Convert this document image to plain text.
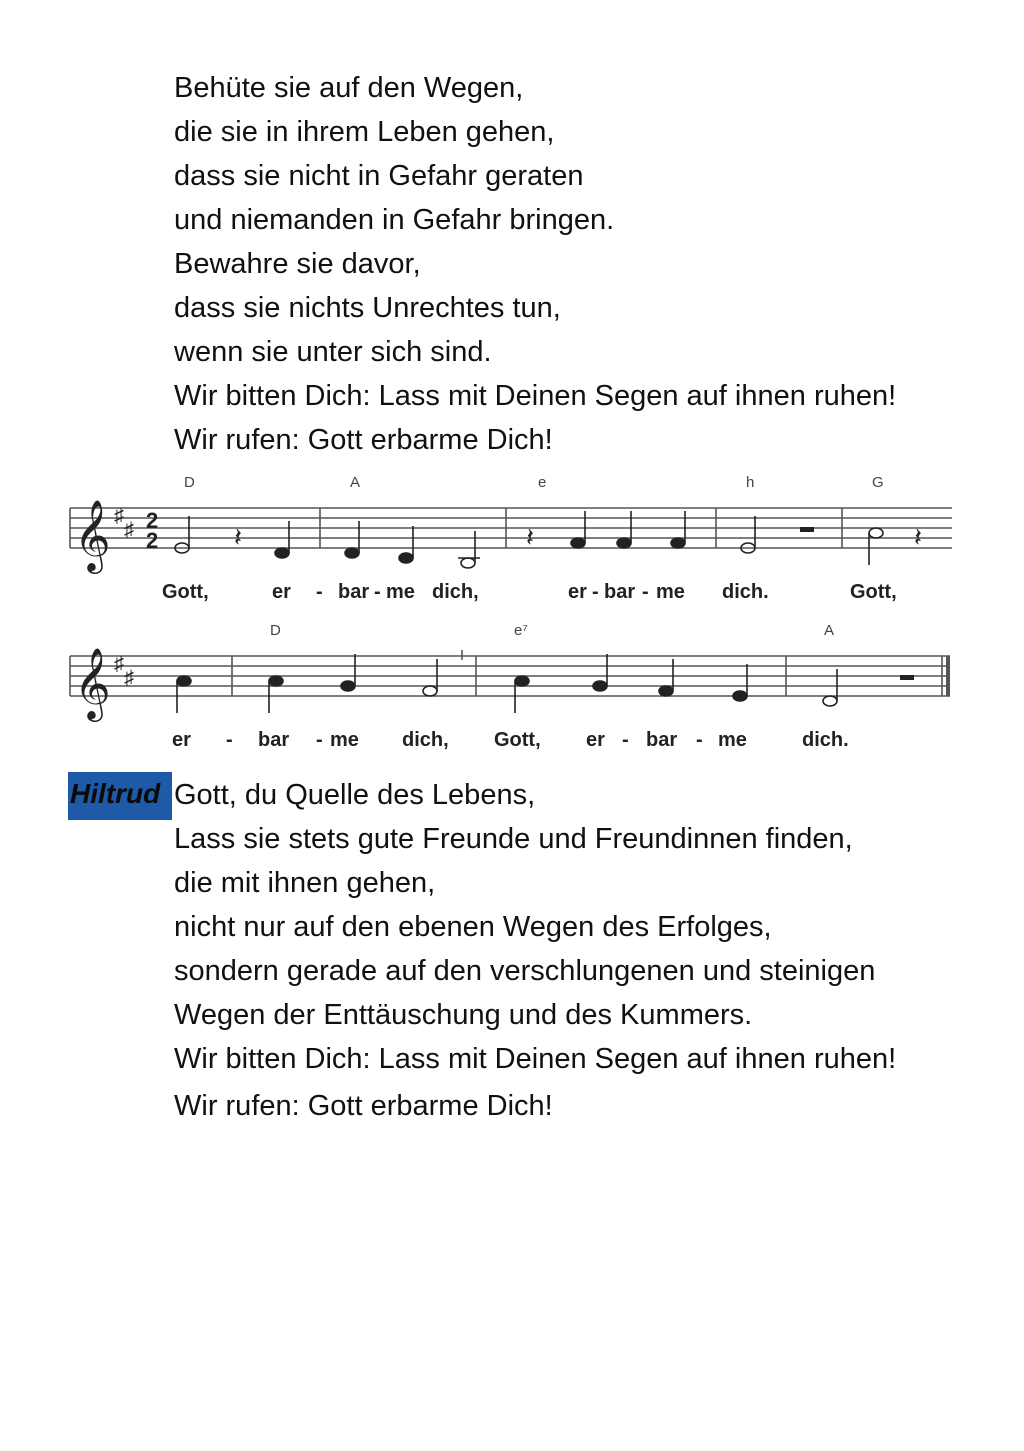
Behüte sie auf den Wegen,
die sie in ihrem Leben gehen,
dass sie nicht in Gefahr geraten
und niemanden in Gefahr bringen.
Bewahre sie davor,
dass sie nichts Unrechtes tun,
wenn sie unter sich sind.
Wir bitten Dich: Lass mit Deinen Segen auf ihnen ruhen!
Wir rufen: Gott erbarme Dich!
D	A	e	h	G
𝄞 ♯
♯ 2
2	𝄽	𝄽	𝄽
Gott,	er - bar - me dich,	er - bar - me dich.	Gott,
D	e⁷	A
𝄞 ♯
♯
er - bar - me dich, Gott, er - bar - me	dich.
Hiltrud Gott, du Quelle des Lebens,
Lass sie stets gute Freunde und Freundinnen finden,
die mit ihnen gehen,
nicht nur auf den ebenen Wegen des Erfolges,
sondern gerade auf den verschlungenen und steinigen
Wegen der Enttäuschung und des Kummers.
Wir bitten Dich: Lass mit Deinen Segen auf ihnen ruhen!
Wir rufen: Gott erbarme Dich!
